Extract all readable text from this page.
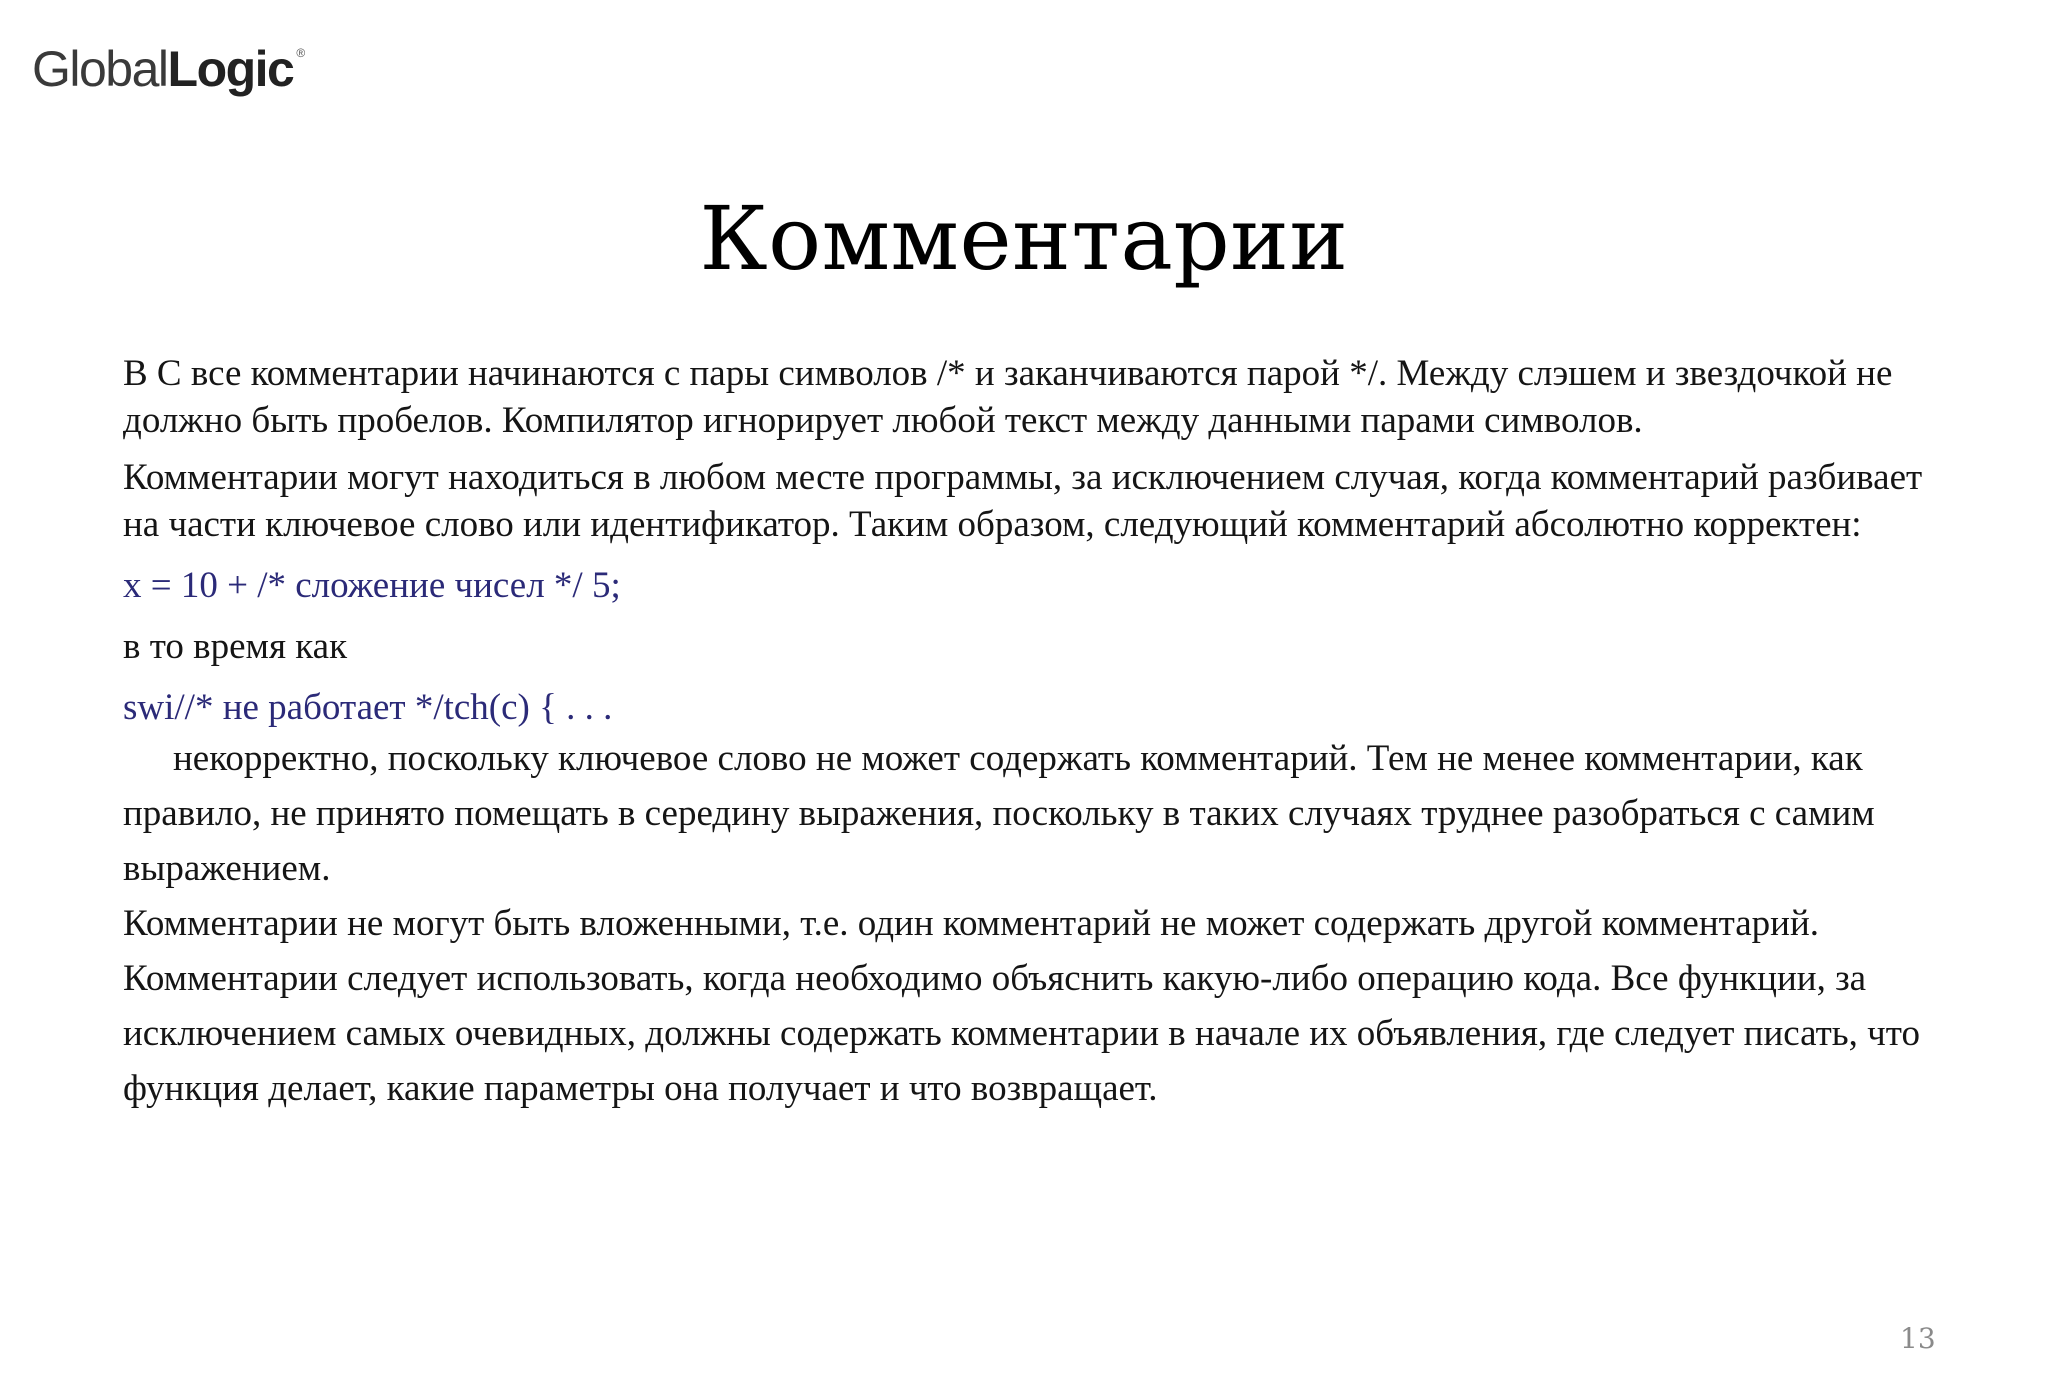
Global Logic ®
Комментарии

В С все комментарии начинаются с пары символов /* и заканчиваются парой */. Между слэшем и звездочкой не должно быть пробелов. Компилятор игнорирует любой текст между данными парами символов.

Комментарии могут находиться в любом месте программы, за исключением случая, когда комментарий разбивает на части ключевое слово или идентификатор. Таким образом, следующий комментарий абсолютно корректен:

x = 10 + /* сложение чисел */ 5;

в то время как

swi//* не работает */tch(c) { . . .

некорректно, поскольку ключевое слово не может содержать комментарий. Тем не менее комментарии, как правило, не принято помещать в середину выражения, поскольку в таких случаях труднее разобраться с самим выражением.

Комментарии не могут быть вложенными, т.е. один комментарий не может содержать другой комментарий.

Комментарии следует использовать, когда необходимо объяснить какую-либо операцию кода. Все функции, за исключением самых очевидных, должны содержать комментарии в начале их объявления, где следует писать, что функция делает, какие параметры она получает и что возвращает.

13
